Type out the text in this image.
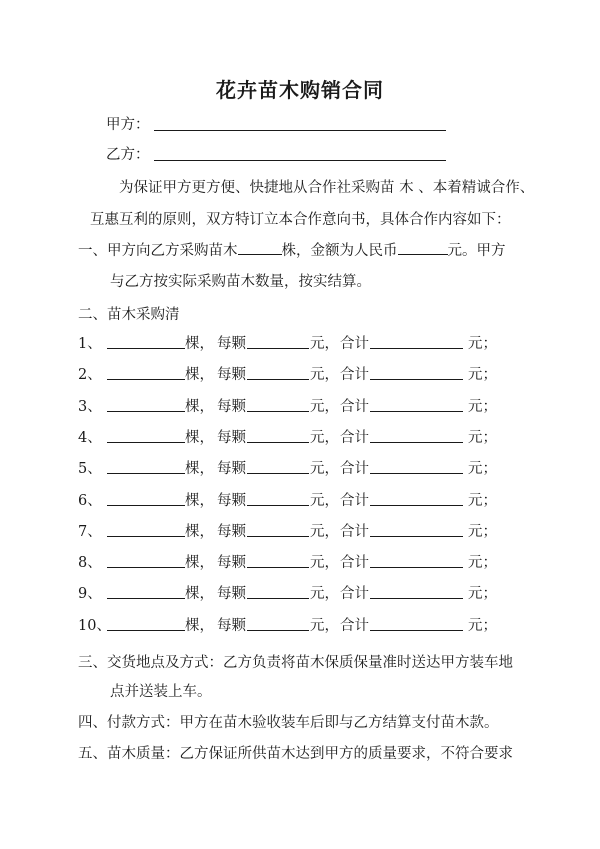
花卉苗木购销合同
甲方：
乙方：

为保证甲方更方便、快捷地从合作社采购苗 木 、本着精诚合作、

互惠互利的原则，双方特订立本合作意向书，具体合作内容如下：

一、甲方向乙方采购苗木	株，金额为人民币	元。甲方

与乙方按实际采购苗木数量，按实结算。

二、苗木采购清

1、	棵， 每颗	元， 合计	元；
2、	棵， 每颗	元， 合计	元；
3、	棵， 每颗	元， 合计	元；
4、	棵， 每颗	元， 合计	元；
5、	棵， 每颗	元， 合计	元；
6、	棵， 每颗	元， 合计	元；
7、	棵， 每颗	元， 合计	元；
8、	棵， 每颗	元， 合计	元；
9、	棵， 每颗	元， 合计	元；
10、	棵， 每颗	元， 合计	元；

三、交货地点及方式：乙方负责将苗木保质保量准时送达甲方装车地

点并送装上车。

四、付款方式：甲方在苗木验收装车后即与乙方结算支付苗木款。

五、苗木质量：乙方保证所供苗木达到甲方的质量要求，不符合要求
